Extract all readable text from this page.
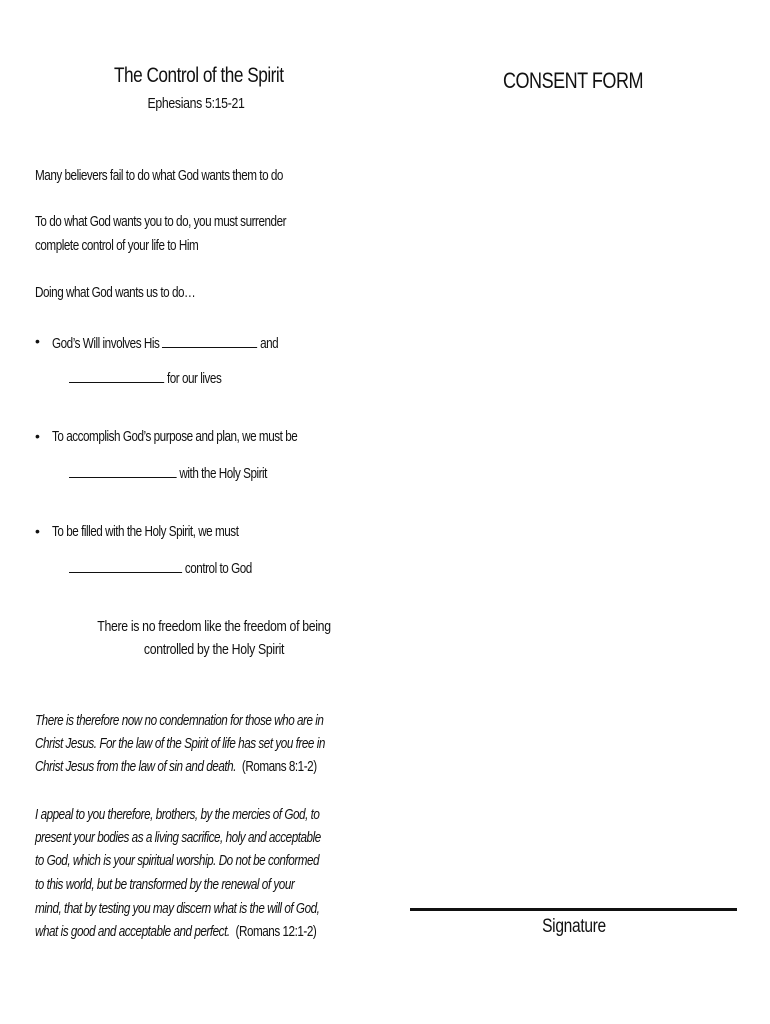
The Control of the Spirit
Ephesians 5:15-21
Many believers fail to do what God wants them to do
To do what God wants you to do, you must surrender
complete control of your life to Him
Doing what God wants us to do…
• God’s Will involves His	and
for our lives
• To accomplish God’s purpose and plan, we must be
with the Holy Spirit
• To be filled with the Holy Spirit, we must
control to God
There is no freedom like the freedom of being
controlled by the Holy Spirit
There is therefore now no condemnation for those who are in
Christ Jesus. For the law of the Spirit of life has set you free in
Christ Jesus from the law of sin and death. (Romans 8:1-2)
I appeal to you therefore, brothers, by the mercies of God, to
present your bodies as a living sacrifice, holy and acceptable
to God, which is your spiritual worship. Do not be conformed
to this world, but be transformed by the renewal of your
mind, that by testing you may discern what is the will of God,
what is good and acceptable and perfect. (Romans 12:1-2)
CONSENT FORM
Signature
